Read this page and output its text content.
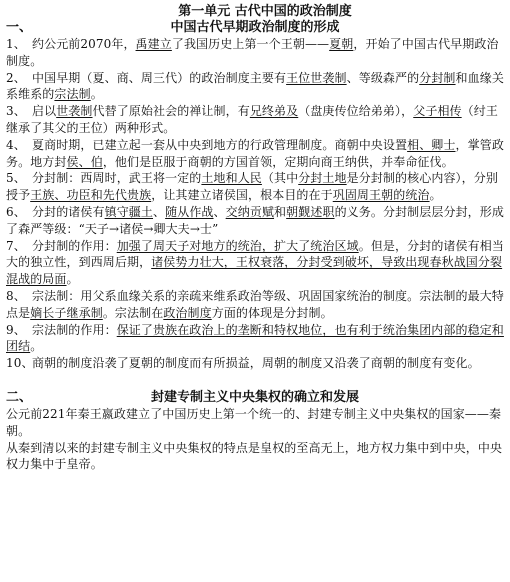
第一单元 古代中国的政治制度
一、	中国古代早期政治制度的形成

1、 约公元前2070年，禹建立了我国历史上第一个王朝——夏朝，开始了中国古代早期政治制度。

2、 中国早期（夏、商、周三代）的政治制度主要有王位世袭制、等级森严的分封制和血缘关系维系的宗法制。

3、 启以世袭制代替了原始社会的禅让制，有兄终弟及（盘庚传位给弟弟），父子相传（纣王继承了其父的王位）两种形式。

4、 夏商时期，已建立起一套从中央到地方的行政管理制度。商朝中央设置相、卿士，掌管政务。地方封侯、伯，他们是臣服于商朝的方国首领，定期向商王纳供，并奉命征伐。

5、 分封制：西周时，武王将一定的土地和人民（其中分封土地是分封制的核心内容），分别授予王族、功臣和先代贵族，让其建立诸侯国，根本目的在于巩固周王朝的统治。

6、 分封的诸侯有镇守疆土、随从作战、交纳贡赋和朝觐述职的义务。分封制层层分封，形成了森严等级：“天子→诸侯→卿大夫→士”

7、 分封制的作用：加强了周天子对地方的统治，扩大了统治区域。但是，分封的诸侯有相当大的独立性，到西周后期，诸侯势力壮大，王权衰落，分封受到破坏，导致出现春秋战国分裂混战的局面。

8、 宗法制：用父系血缘关系的亲疏来维系政治等级、巩固国家统治的制度。宗法制的最大特点是嫡长子继承制。宗法制在政治制度方面的体现是分封制。

9、 宗法制的作用：保证了贵族在政治上的垄断和特权地位，也有利于统治集团内部的稳定和团结。

10、商朝的制度沿袭了夏朝的制度而有所损益，周朝的制度又沿袭了商朝的制度有变化。

二、	封建专制主义中央集权的确立和发展

公元前221年秦王嬴政建立了中国历史上第一个统一的、封建专制主义中央集权的国家——秦朝。

从秦到清以来的封建专制主义中央集权的特点是皇权的至高无上，地方权力集中到中央，中央权力集中于皇帝。
